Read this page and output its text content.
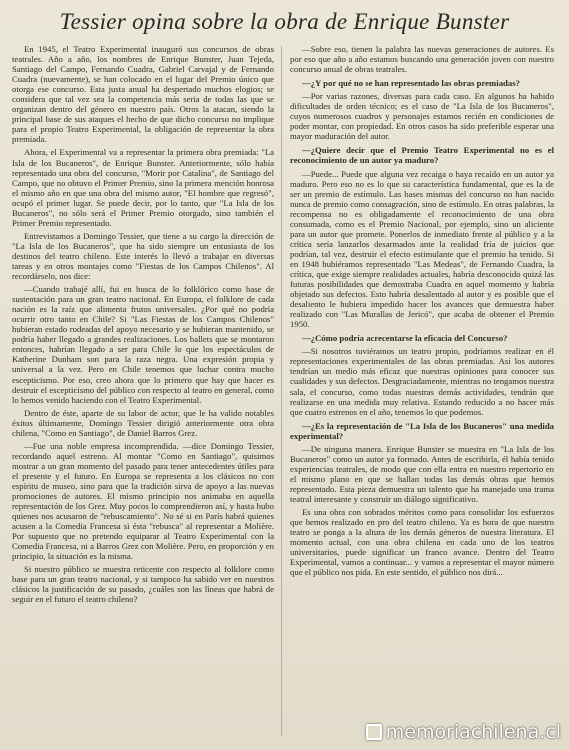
Tessier opina sobre la obra de Enrique Bunster

En 1945, el Teatro Experimental inauguró sus concursos de obras teatrales. Año a año, los nombres de Enrique Bunster, Juan Tejeda, Santiago del Campo, Fernando Cuadra, Gabriel Carvajal y de Fernando Cuadra (nuevamente), se han colocado en el lugar del Premio único que otorga ese concurso. Esta justa anual ha despertado muchos elogios; se considera que tal vez sea la competencia más seria de todas las que se organizan dentro del género en nuestro país. Otros la atacan, siendo la principal base de sus ataques el hecho de que dicho concurso no implique para el propio Teatro Experimental, la obligación de representar la obra premiada.

Ahora, el Experimental va a representar la primera obra premiada: "La Isla de los Bucaneros", de Enrique Bunster. Anteriormente, sólo había representado una obra del concurso, "Morir por Catalina", de Santiago del Campo, que no obtuvo el Primer Premio, sino la primera mención honrosa el mismo año en que una obra del mismo autor, "El hombre que regresó", ocupó el primer lugar. Se puede decir, por lo tanto, que "La Isla de los Bucaneros", no sólo será el Primer Premio otorgado, sino también el Primer Premio representado.

Entrevistamos a Domingo Tessier, que tiene a su cargo la dirección de "La Isla de los Bucaneros", que ha sido siempre un entusiasta de los destinos del teatro chileno. Este interés lo llevó a trabajar en diversas tareas y en otros montajes como "Fiestas de los Campos Chilenos". Al recordárselo, nos dice:

—Cuando trabajé allí, fui en busca de lo folklórico como base de sustentación para un gran teatro nacional. En Europa, el folklore de cada nación es la raíz que alimenta frutos universales. ¿Por qué no podría ocurrir otro tanto en Chile? Si "Las Fiestas de los Campos Chilenos" hubieran estado rodeadas del apoyo necesario y se hubieran mantenido, se podría haber llegado a grandes realizaciones. Los ballets que se montaron entonces, habrían llegado a ser para Chile lo que los espectáculos de Katherine Dunham son para la raza negra. Una expresión propia y universal a la vez. Pero en Chile tenemos que luchar contra mucho escepticismo. Por eso, creo ahora que lo primero que hay que hacer es destruir el escepticismo del público con respecto al teatro en general, como lo hemos venido haciendo con el Teatro Experimental.

Dentro de éste, aparte de su labor de actor, que le ha valido notables éxitos últimamente, Domingo Tessier dirigió anteriormente otra obra chilena, "Como en Santiago", de Daniel Barros Grez.

—Fue una noble empresa incomprendida. —dice Domingo Tessier, recordando aquel estreno. Al montar "Como en Santiago", quisimos mostrar a un gran momento del pasado para tener antecedentes útiles para el presente y el futuro. En Europa se representa a los clásicos no con espíritu de museo, sino para que la tradición sirva de apoyo a las nuevas promociones de autores. El mismo principio nos animaba en aquella representación de los Grez. Muy pocos lo comprendieron así, y hasta hubo quienes nos acusaron de "rebuscamiento". No sé si en París habrá quienes acusen a la Comedia Francesa si ésta "rebusca" al representar a Molière. Por supuesto que no pretendo equiparar al Teatro Experimental con la Comedia Francesa, ni a Barros Grez con Molière. Pero, en proporción y en principio, la situación es la misma.

Si nuestro público se muestra reticente con respecto al folklore como base para un gran teatro nacional, y si tampoco ha sabido ver en nuestros clásicos la justificación de su pasado, ¿cuáles son las líneas que habrá de seguir en el futuro el teatro chileno?

—Sobre eso, tienen la palabra las nuevas generaciones de autores. Es por eso que año a año estamos buscando una generación joven con nuestro concurso anual de obras teatrales.

—¿Y por qué no se han representado las obras premiadas?

—Por varias razones, diversas para cada caso. En algunos ha habido dificultades de orden técnico; es el caso de "La Isla de los Bucaneros", cuyos numerosos cuadros y personajes estamos recién en condiciones de poder montar, con propiedad. En otros casos ha sido preferible esperar una mayor maduración del autor.

—¿Quiere decir que el Premio Teatro Experimental no es el reconocimiento de un autor ya maduro?

—Puede... Puede que alguna vez recaiga o haya recaído en un autor ya maduro. Pero eso no es lo que su característica fundamental, que es la de ser un premio de estímulo. Las bases mismas del concurso no han nacido nunca de premio como consagración, sino de estímulo. En otras palabras, la recompensa no es obligadamente el reconocimiento de una obra consumada, como es el Premio Nacional, por ejemplo, sino un aliciente para un autor que promete. Ponerlos de inmediato frente al público y a la crítica sería lanzarlos desarmados ante la realidad fría de juicios que podrían, tal vez, destruir el efecto estimulante que el premio ha tenido. Si en 1948 hubiéramos representado "Las Medeas", de Fernando Cuadra, la crítica, que exige siempre realidades actuales, habría desconocido quizá las futuras posibilidades que demostraba Cuadra en aquel momento y habría objetado sus defectos. Esto habría desalentado al autor y es posible que el desaliento le hubiera impedido hacer los avances que demuestra haber realizado con "Las Murallas de Jericó", que acaba de obtener el Premio 1950.

—¿Cómo podría acrecentarse la eficacia del Concurso?

—Si nosotros tuviéramos un teatro propio, podríamos realizar en él representaciones experimentales de las obras premiadas. Así los autores tendrían un medio más eficaz que nuestras opiniones para conocer sus cualidades y sus defectos. Desgraciadamente, mientras no tengamos nuestra sala, el concurso, como todas nuestras demás actividades, tendrán que realizarse en una medida muy relativa. Estando reducido a no hacer más que cuatro estrenos en el año, tenemos lo que podemos.

—¿Es la representación de "La Isla de los Bucaneros" una medida experimental?

—De ninguna manera. Enrique Bunster se muestra en "La Isla de los Bucaneros" como un autor ya formado. Antes de escribirla, él había tenido experiencias teatrales, de modo que con ella entra en nuestro repertorio en el mismo plano en que se hallan todas las demás obras que hemos representado. Esta pieza demuestra un talento que ha manejado una trama teatral interesante y construir un diálogo significativo.

Es una obra con sobrados méritos como para consolidar los esfuerzos que hemos realizado en pro del teatro chileno. Ya es hora de que nuestro teatro se ponga a la altura de los demás géneros de nuestra literatura. El momento actual, con una obra chilena en cada uno de los teatros universitarios, puede significar un franco avance. Dentro del Teatro Experimental, vamos a continuar... y vamos a representar el mayor número que el público nos pida. En este sentido, el público nos dirá...

memoriachilena.cl
